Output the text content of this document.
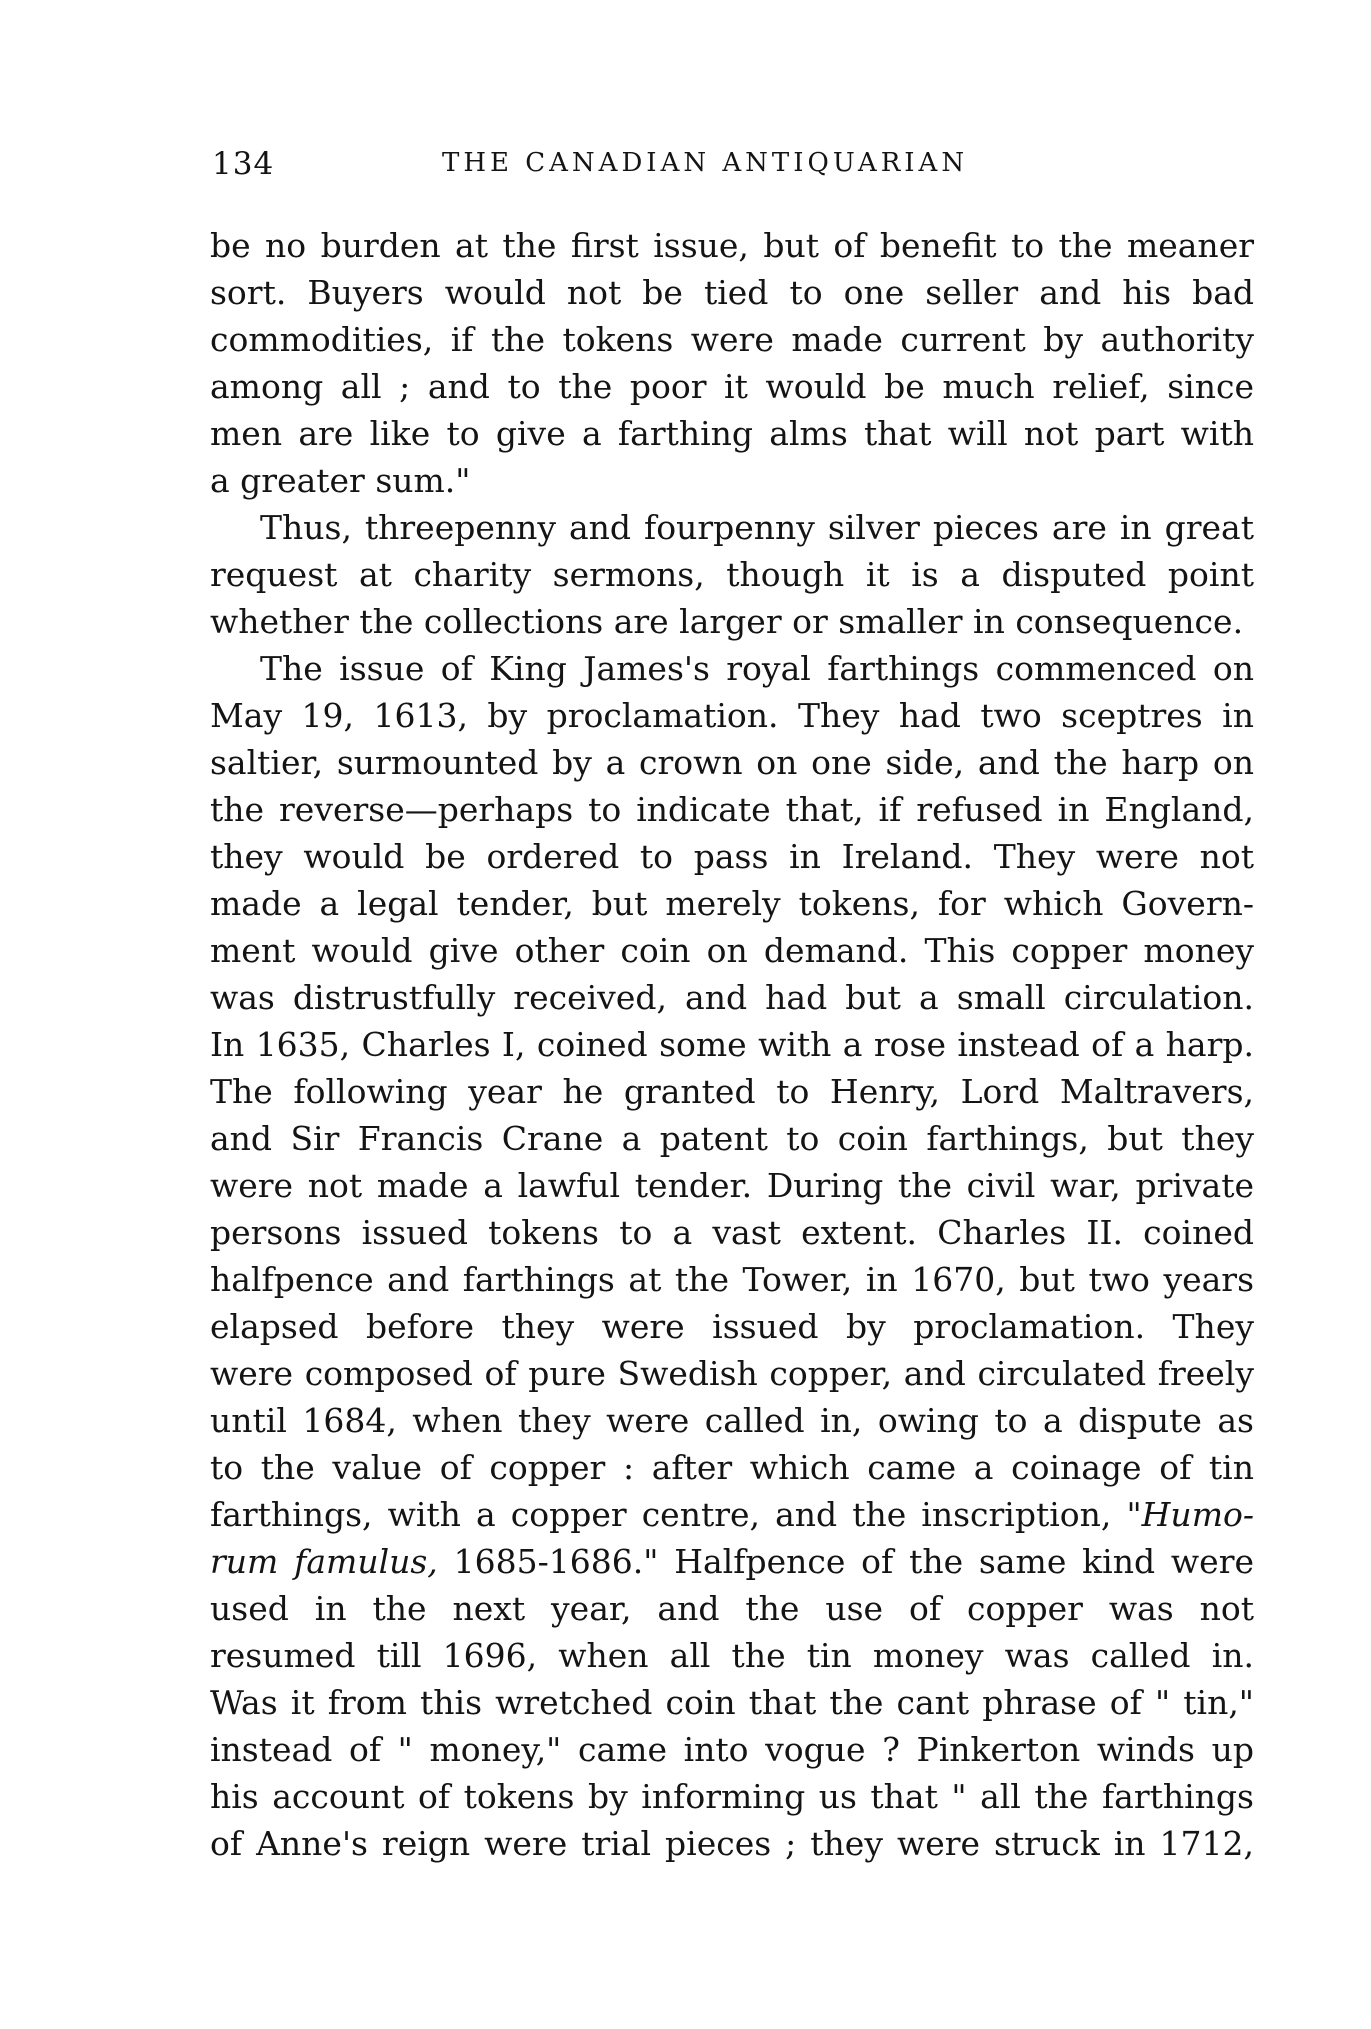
134	THE CANADIAN ANTIQUARIAN
be no burden at the first issue, but of benefit to the meaner
sort. Buyers would not be tied to one seller and his bad
commodities, if the tokens were made current by authority
among all ; and to the poor it would be much relief, since
men are like to give a farthing alms that will not part with
a greater sum."
Thus, threepenny and fourpenny silver pieces are in great
request at charity sermons, though it is a disputed point
whether the collections are larger or smaller in consequence.
The issue of King James's royal farthings commenced on
May 19, 1613, by proclamation. They had two sceptres in
saltier, surmounted by a crown on one side, and the harp on
the reverse—perhaps to indicate that, if refused in England,
they would be ordered to pass in Ireland. They were not
made a legal tender, but merely tokens, for which Govern-
ment would give other coin on demand. This copper money
was distrustfully received, and had but a small circulation.
In 1635, Charles I, coined some with a rose instead of a harp.
The following year he granted to Henry, Lord Maltravers,
and Sir Francis Crane a patent to coin farthings, but they
were not made a lawful tender. During the civil war, private
persons issued tokens to a vast extent. Charles II. coined
halfpence and farthings at the Tower, in 1670, but two years
elapsed before they were issued by proclamation. They
were composed of pure Swedish copper, and circulated freely
until 1684, when they were called in, owing to a dispute as
to the value of copper : after which came a coinage of tin
farthings, with a copper centre, and the inscription, "Humo-
rum famulus, 1685-1686." Halfpence of the same kind were
used in the next year, and the use of copper was not
resumed till 1696, when all the tin money was called in.
Was it from this wretched coin that the cant phrase of " tin,"
instead of " money," came into vogue ? Pinkerton winds up
his account of tokens by informing us that " all the farthings
of Anne's reign were trial pieces ; they were struck in 1712,
